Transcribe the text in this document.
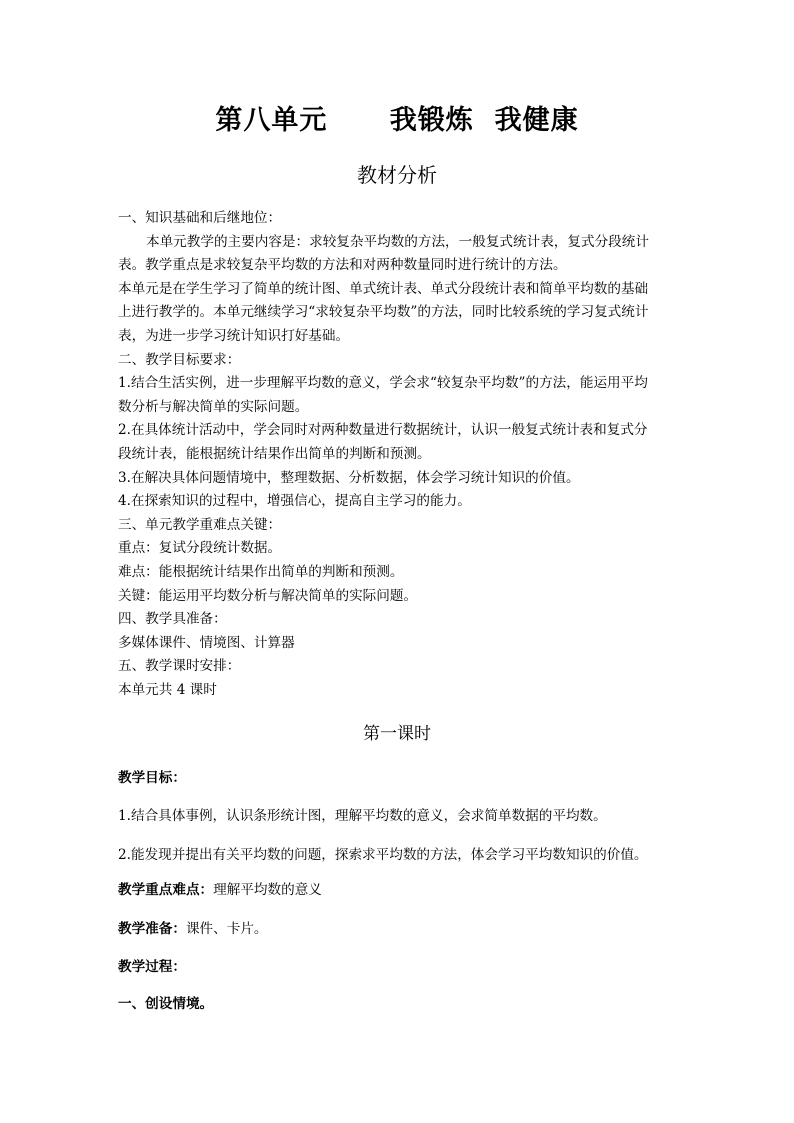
第八单元      我锻炼  我健康
教材分析
一、知识基础和后继地位：
本单元教学的主要内容是：求较复杂平均数的方法，一般复式统计表，复式分段统计
表。教学重点是求较复杂平均数的方法和对两种数量同时进行统计的方法。
本单元是在学生学习了简单的统计图、单式统计表、单式分段统计表和简单平均数的基础
上进行教学的。本单元继续学习“求较复杂平均数”的方法，同时比较系统的学习复式统计
表，为进一步学习统计知识打好基础。
二、教学目标要求：
1.结合生活实例，进一步理解平均数的意义，学会求“较复杂平均数”的方法，能运用平均
数分析与解决简单的实际问题。
2.在具体统计活动中，学会同时对两种数量进行数据统计，认识一般复式统计表和复式分
段统计表，能根据统计结果作出简单的判断和预测。
3.在解决具体问题情境中，整理数据、分析数据，体会学习统计知识的价值。
4.在探索知识的过程中，增强信心，提高自主学习的能力。
三、单元教学重难点关键：
重点：复试分段统计数据。
难点：能根据统计结果作出简单的判断和预测。
关键：能运用平均数分析与解决简单的实际问题。
四、教学具准备：
多媒体课件、情境图、计算器
五、教学课时安排：
本单元共 4 课时
第一课时
教学目标：
1.结合具体事例，认识条形统计图，理解平均数的意义，会求简单数据的平均数。
2.能发现并提出有关平均数的问题，探索求平均数的方法，体会学习平均数知识的价值。
教学重点难点：理解平均数的意义
教学准备：课件、卡片。
教学过程：
一、创设情境。
